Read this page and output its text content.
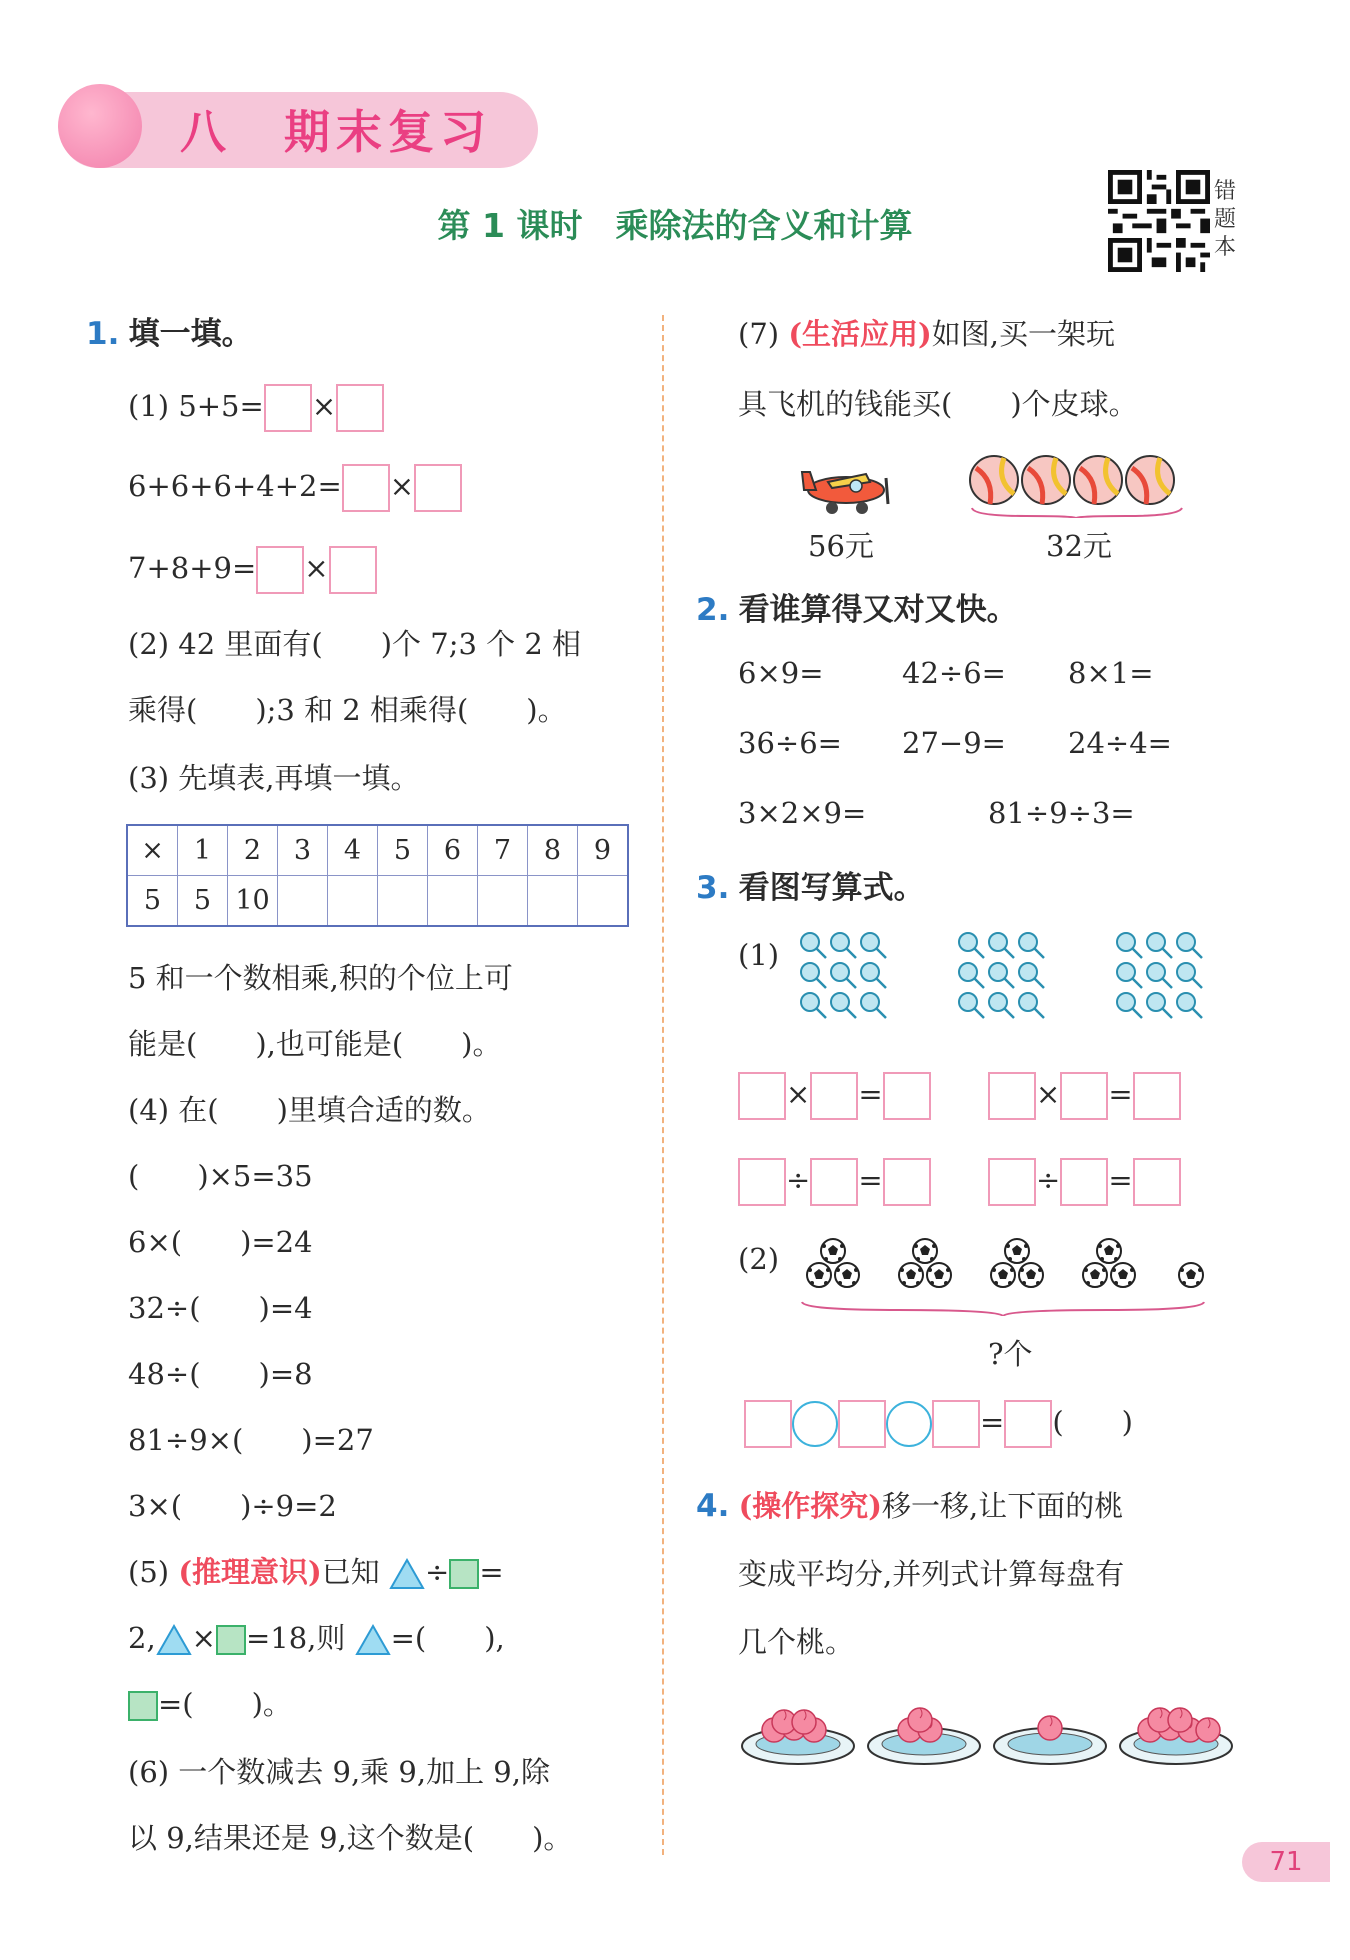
八　期末复习
第 1 课时　乘除法的含义和计算
错题本
1. 填一填。
(1) 5+5= ×
6+6+6+4+2= ×
7+8+9= ×
(2) 42 里面有(　　)个 7;3 个 2 相
乘得(　　);3 和 2 相乘得(　　)。
(3) 先填表,再填一填。
×	1	2	3	4	5	6	7	8	9
5	5	10							
5 和一个数相乘,积的个位上可
能是(　　),也可能是(　　)。
(4) 在(　　)里填合适的数。
(　　)×5=35
6×(　　)=24
32÷(　　)=4
48÷(　　)=8
81÷9×(　　)=27
3×(　　)÷9=2
(5) (推理意识)已知 ÷ =
2, × =18,则 =(　　),
=(　　)。
(6) 一个数减去 9,乘 9,加上 9,除
以 9,结果还是 9,这个数是(　　)。
(7) (生活应用)如图,买一架玩
具飞机的钱能买(　　)个皮球。
56元	32元
2. 看谁算得又对又快。
6×9=	42÷6= 8×1=
36÷6= 27−9= 24÷4=
3×2×9=	81÷9÷3=
3. 看图写算式。
(1)
× =	× =
÷ =	÷ =
(2)
?个
= (　　)
4. (操作探究)移一移,让下面的桃
变成平均分,并列式计算每盘有
几个桃。
71
